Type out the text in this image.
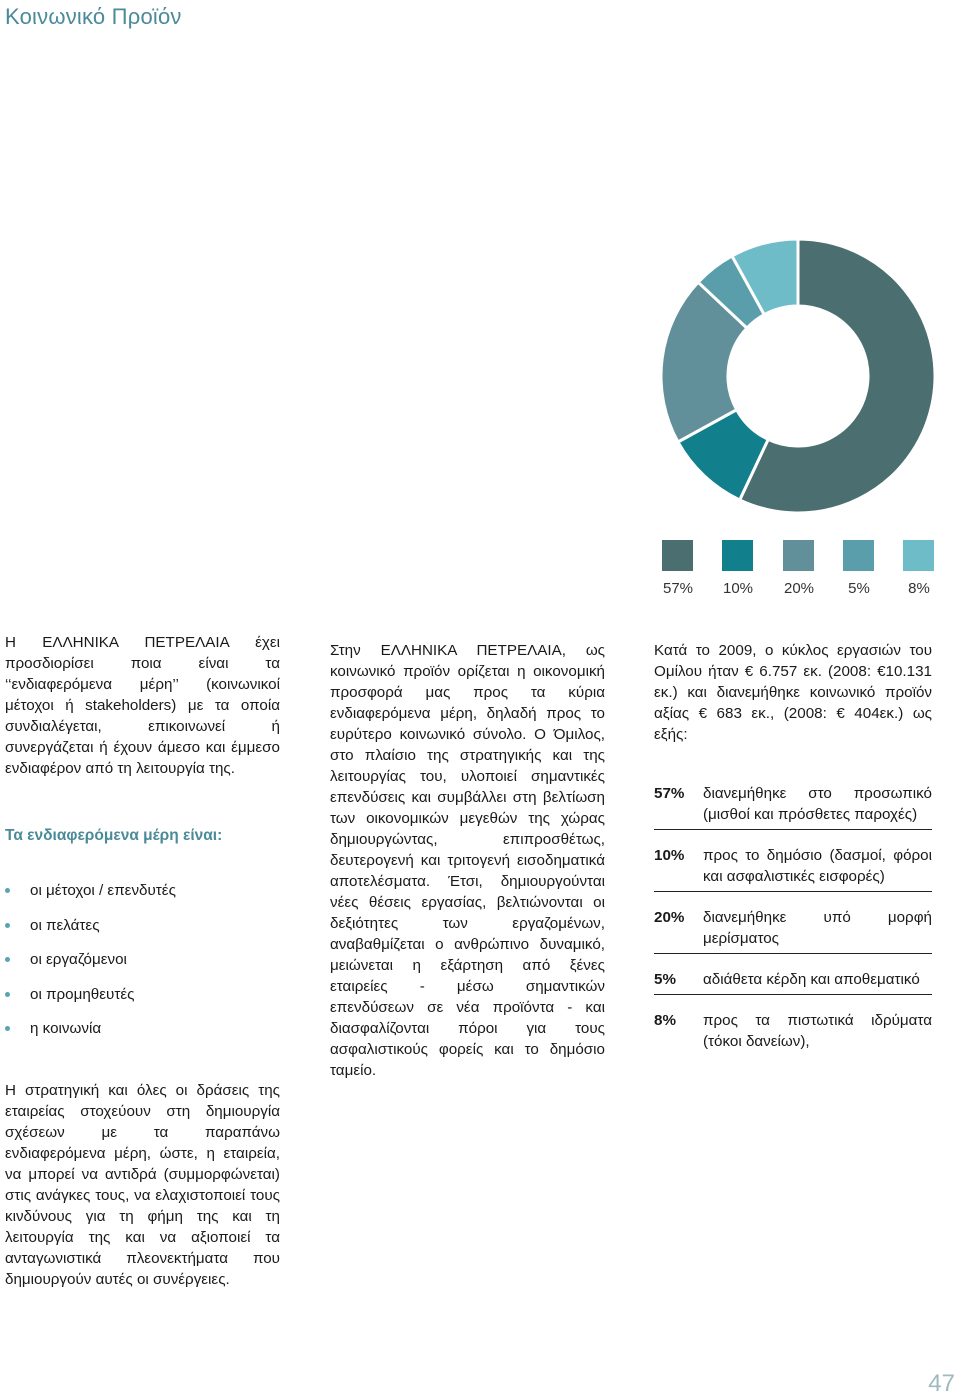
Κοινωνικό Προϊόν
57%	10%	20%	5%	8%

Η ΕΛΛΗΝΙΚΑ ΠΕΤΡΕΛΑΙΑ έχει προσδιορίσει ποια είναι τα ‘‘ενδιαφερόμενα μέρη’’ (κοινωνικοί μέτοχοι ή stakeholders) με τα οποία συνδιαλέγεται, επικοινωνεί ή συνεργάζεται ή έχουν άμεσο και έμμεσο ενδιαφέρον από τη λειτουργία της.

Τα ενδιαφερόμενα μέρη είναι:
οι μέτοχοι / επενδυτές
οι πελάτες
οι εργαζόμενοι
οι προμηθευτές
η κοινωνία

Στην ΕΛΛΗΝΙΚΑ ΠΕΤΡΕΛΑΙΑ, ως κοινωνικό προϊόν ορίζεται η οικονομική προσφορά μας προς τα κύρια ενδιαφερόμενα μέρη, δηλαδή προς το ευρύτερο κοινωνικό σύνολο. Ο Όμιλος, στο πλαίσιο της στρατηγικής και της λειτουργίας του, υλοποιεί σημαντικές επενδύσεις και συμβάλλει στη βελτίωση των οικονομικών μεγεθών της χώρας δημιουργώντας, επιπροσθέτως, δευτερογενή και τριτογενή εισοδηματικά αποτελέσματα. Έτσι, δημιουργούνται νέες θέσεις εργασίας, βελτιώνονται οι δεξιότητες των εργαζομένων, αναβαθμίζεται ο ανθρώπινο δυναμικό, μειώνεται η εξάρτηση από ξένες εταιρείες - μέσω σημαντικών επενδύσεων σε νέα προϊόντα - και διασφαλίζονται πόροι για τους ασφαλιστικούς φορείς και το δημόσιο ταμείο.

Κατά το 2009, ο κύκλος εργασιών του Ομίλου ήταν € 6.757 εκ. (2008: €10.131 εκ.) και διανεμήθηκε κοινωνικό προϊόν αξίας € 683 εκ., (2008: € 404εκ.) ως εξής:

57%	διανεμήθηκε στο προσωπικό (μισθοί και πρόσθετες παροχές)
10%	προς το δημόσιο (δασμοί, φόροι και ασφαλιστικές εισφορές)
20%	διανεμήθηκε υπό μορφή μερίσματος
5%	αδιάθετα κέρδη και αποθεματικό
8%	προς τα πιστωτικά ιδρύματα (τόκοι δανείων),

Η στρατηγική και όλες οι δράσεις της εταιρείας στοχεύουν στη δημιουργία σχέσεων με τα παραπάνω ενδιαφερόμενα μέρη, ώστε, η εταιρεία, να μπορεί να αντιδρά (συμμορφώνεται) στις ανάγκες τους, να ελαχιστοποιεί τους κινδύνους για τη φήμη της και τη λειτουργία της και να αξιοποιεί τα ανταγωνιστικά πλεονεκτήματα που δημιουργούν αυτές οι συνέργειες.

47
